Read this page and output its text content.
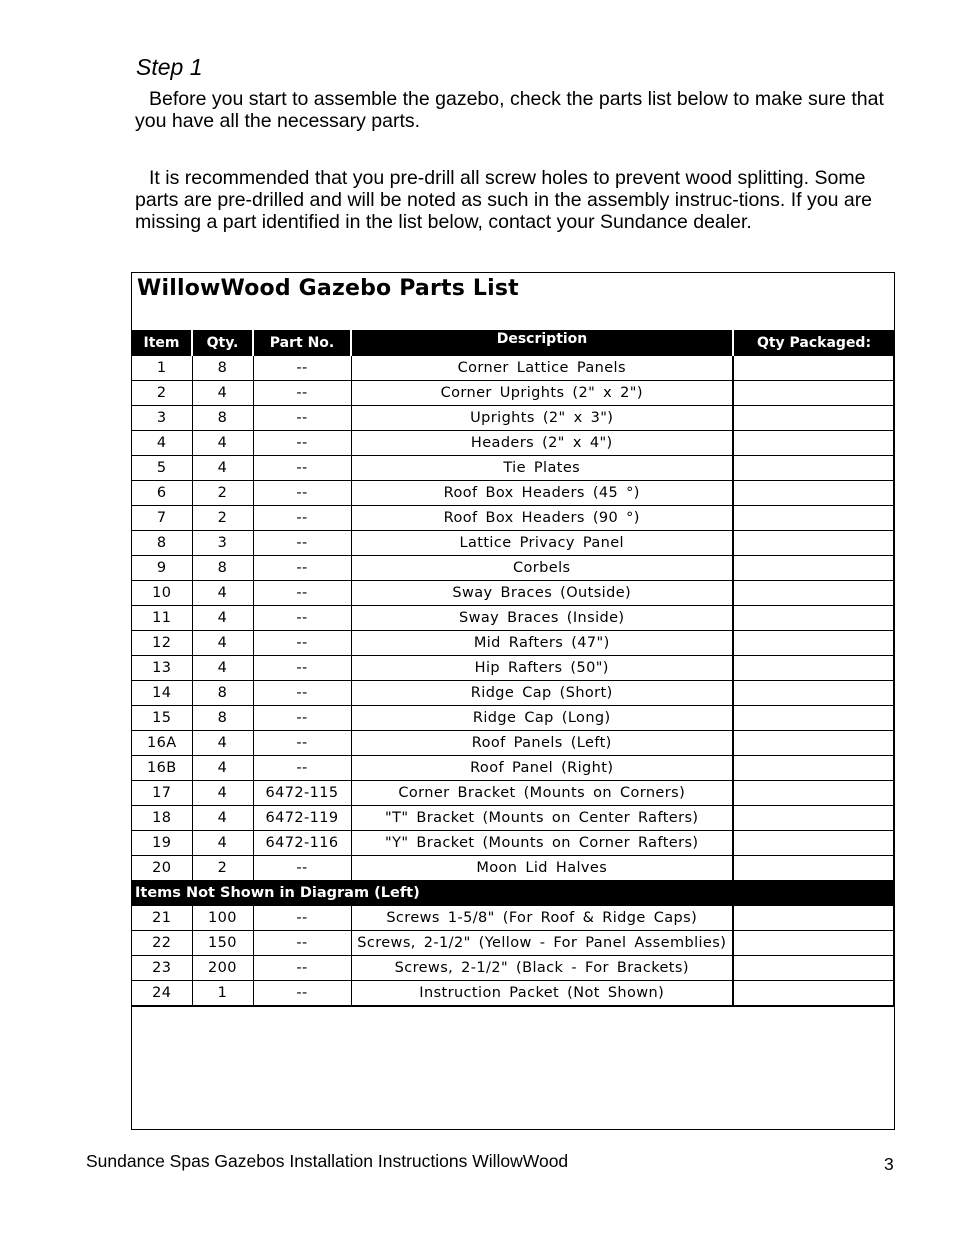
Step 1

Before you start to assemble the gazebo, check the parts list below to make sure that you have all the necessary parts.

It is recommended that you pre-drill all screw holes to prevent wood splitting. Some parts are pre-drilled and will be noted as such in the assembly instruc-tions. If you are missing a part identified in the list below, contact your Sundance dealer.

WillowWood Gazebo Parts List
Item	Qty.	Part No.	Description	Qty Packaged:
1	8	--	Corner Lattice Panels	
2	4	--	Corner Uprights (2" x 2")	
3	8	--	Uprights (2" x 3")	
4	4	--	Headers (2" x 4")	
5	4	--	Tie Plates	
6	2	--	Roof Box Headers (45 °)	
7	2	--	Roof Box Headers (90 °)	
8	3	--	Lattice Privacy Panel	
9	8	--	Corbels	
10	4	--	Sway Braces (Outside)	
11	4	--	Sway Braces (Inside)	
12	4	--	Mid Rafters (47")	
13	4	--	Hip Rafters (50")	
14	8	--	Ridge Cap (Short)	
15	8	--	Ridge Cap (Long)	
16A	4	--	Roof Panels (Left)	
16B	4	--	Roof Panel (Right)	
17	4	6472-115	Corner Bracket (Mounts on Corners)	
18	4	6472-119	"T" Bracket (Mounts on Center Rafters)	
19	4	6472-116	"Y" Bracket (Mounts on Corner Rafters)	
20	2	--	Moon Lid Halves	
Items Not Shown in Diagram (Left)				
21	100	--	Screws 1-5/8" (For Roof & Ridge Caps)	
22	150	--	Screws, 2-1/2" (Yellow - For Panel Assemblies)	
23	200	--	Screws, 2-1/2" (Black - For Brackets)	
24	1	--	Instruction Packet (Not Shown)	

Sundance Spas Gazebos Installation Instructions WillowWood	3
